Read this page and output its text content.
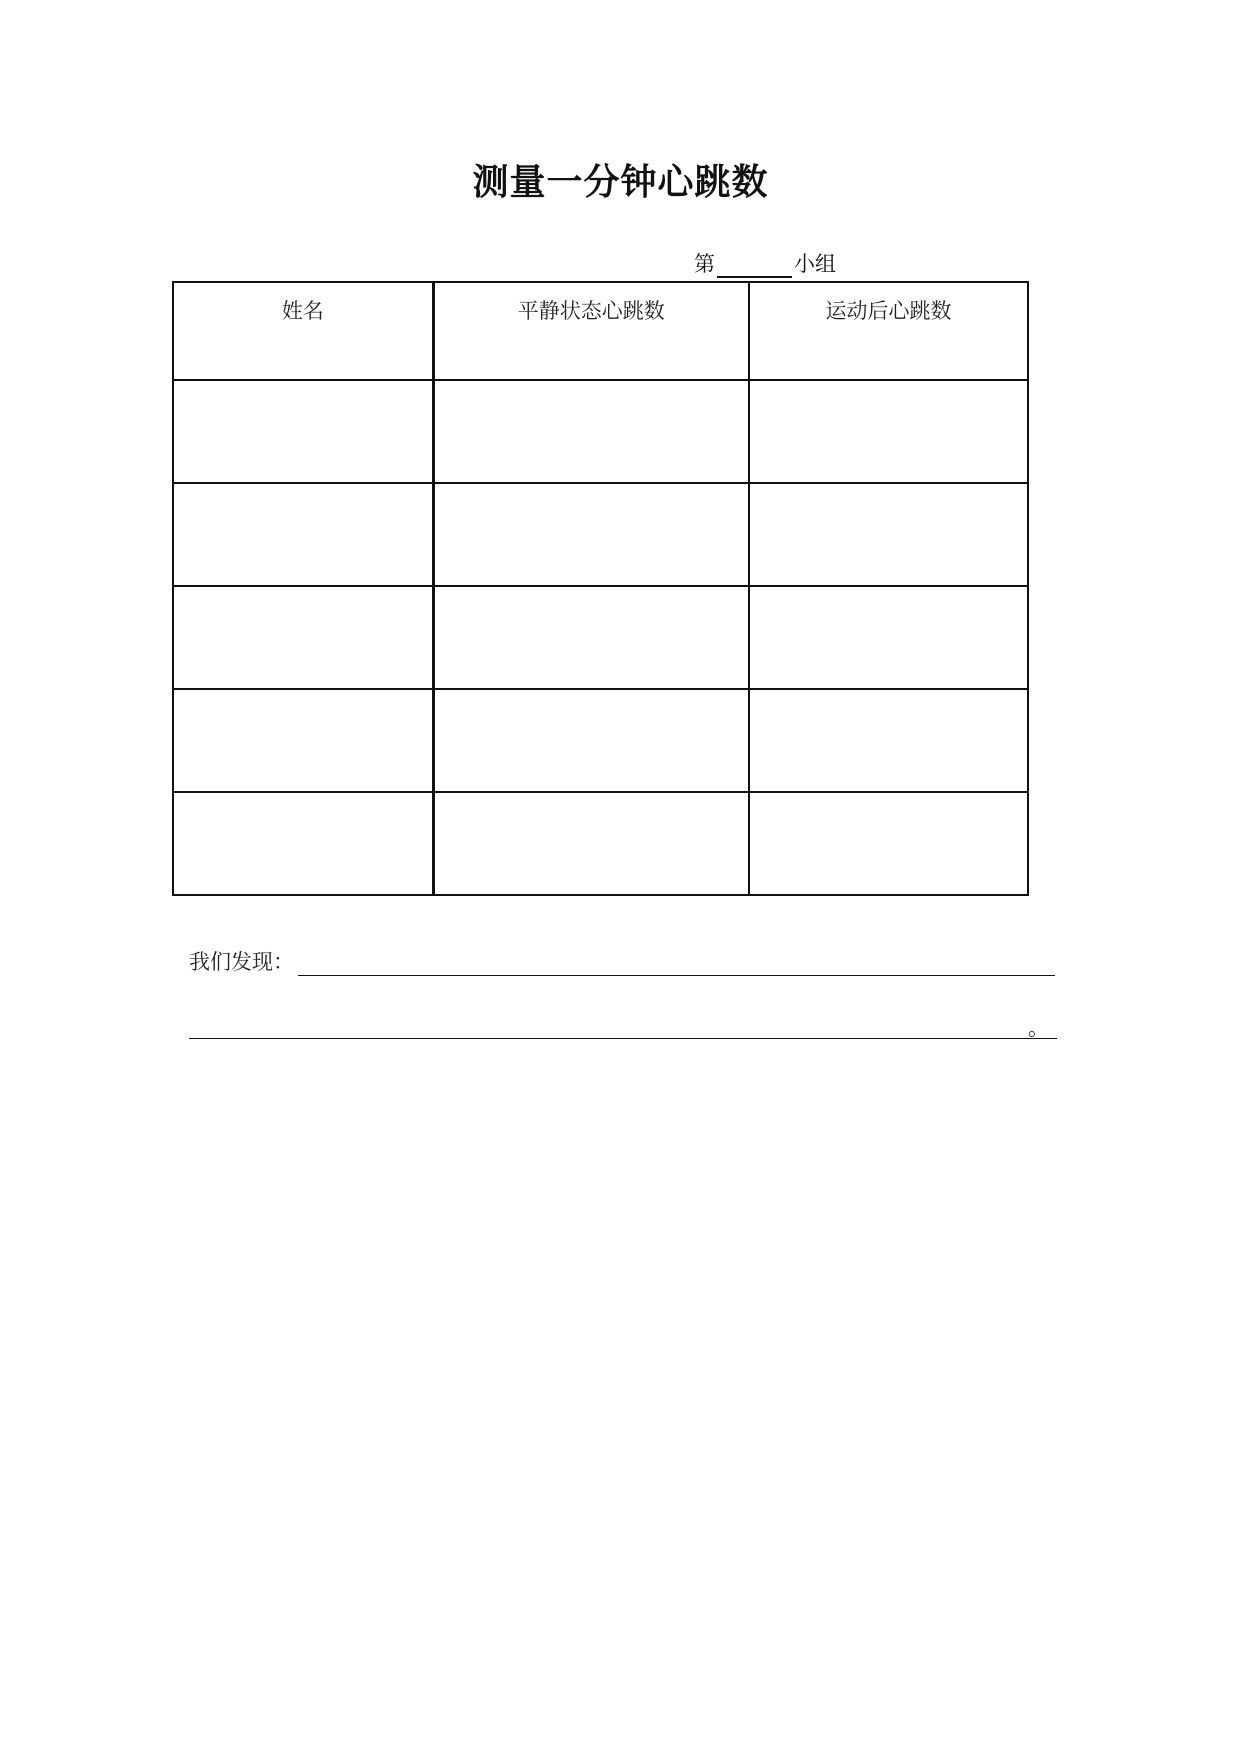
测量一分钟心跳数
第	小组
姓名	平静状态心跳数	运动后心跳数

我们发现：
。
